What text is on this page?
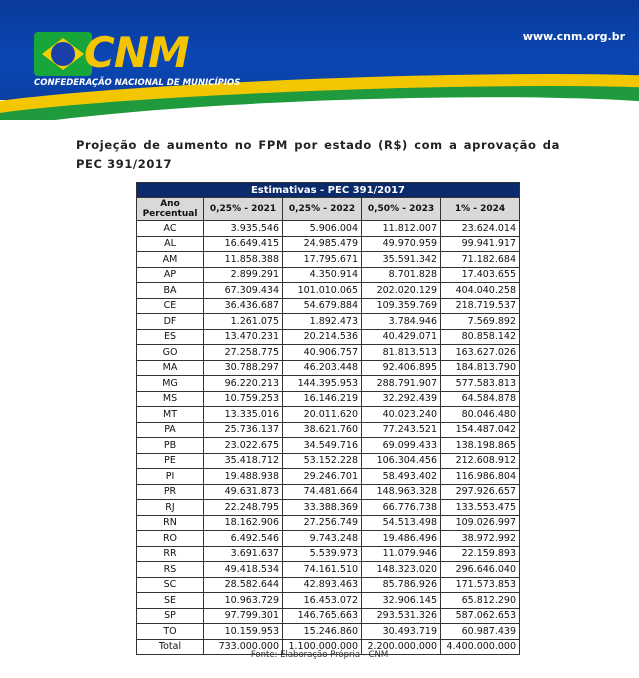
CNM
CONFEDERAÇÃO NACIONAL DE MUNICÍPIOS
www.cnm.org.br
Projeção de aumento no FPM por estado (R$) com a aprovação da PEC 391/2017
Estimativas - PEC 391/2017				
Ano Percentual	0,25% - 2021	0,25% - 2022	0,50% - 2023	1% - 2024
AC	3.935.546	5.906.004	11.812.007	23.624.014
AL	16.649.415	24.985.479	49.970.959	99.941.917
AM	11.858.388	17.795.671	35.591.342	71.182.684
AP	2.899.291	4.350.914	8.701.828	17.403.655
BA	67.309.434	101.010.065	202.020.129	404.040.258
CE	36.436.687	54.679.884	109.359.769	218.719.537
DF	1.261.075	1.892.473	3.784.946	7.569.892
ES	13.470.231	20.214.536	40.429.071	80.858.142
GO	27.258.775	40.906.757	81.813.513	163.627.026
MA	30.788.297	46.203.448	92.406.895	184.813.790
MG	96.220.213	144.395.953	288.791.907	577.583.813
MS	10.759.253	16.146.219	32.292.439	64.584.878
MT	13.335.016	20.011.620	40.023.240	80.046.480
PA	25.736.137	38.621.760	77.243.521	154.487.042
PB	23.022.675	34.549.716	69.099.433	138.198.865
PE	35.418.712	53.152.228	106.304.456	212.608.912
PI	19.488.938	29.246.701	58.493.402	116.986.804
PR	49.631.873	74.481.664	148.963.328	297.926.657
RJ	22.248.795	33.388.369	66.776.738	133.553.475
RN	18.162.906	27.256.749	54.513.498	109.026.997
RO	6.492.546	9.743.248	19.486.496	38.972.992
RR	3.691.637	5.539.973	11.079.946	22.159.893
RS	49.418.534	74.161.510	148.323.020	296.646.040
SC	28.582.644	42.893.463	85.786.926	171.573.853
SE	10.963.729	16.453.072	32.906.145	65.812.290
SP	97.799.301	146.765.663	293.531.326	587.062.653
TO	10.159.953	15.246.860	30.493.719	60.987.439
Total	733.000.000	1.100.000.000	2.200.000.000	4.400.000.000
Fonte: Elaboração Própria - CNM
